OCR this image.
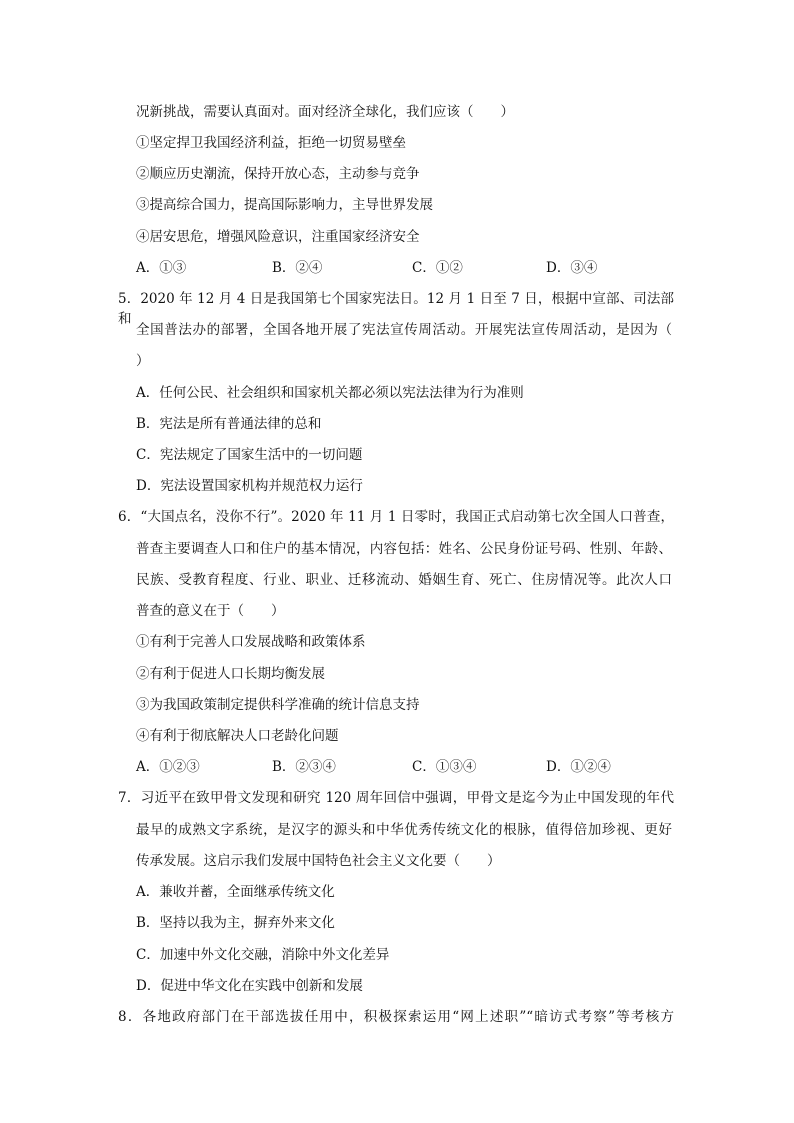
况新挑战，需要认真面对。面对经济全球化，我们应该（　　）
①坚定捍卫我国经济利益，拒绝一切贸易壁垒
②顺应历史潮流，保持开放心态，主动参与竞争
③提高综合国力，提高国际影响力，主导世界发展
④居安思危，增强风险意识，注重国家经济安全
A．①③	B．②④	C．①②	D．③④
5．2020 年 12 月 4 日是我国第七个国家宪法日。12 月 1 日至 7 日，根据中宣部、司法部和
全国普法办的部署，全国各地开展了宪法宣传周活动。开展宪法宣传周活动，是因为（
）
A．任何公民、社会组织和国家机关都必须以宪法法律为行为准则
B．宪法是所有普通法律的总和
C．宪法规定了国家生活中的一切问题
D．宪法设置国家机构并规范权力运行
6．“大国点名，没你不行”。2020 年 11 月 1 日零时，我国正式启动第七次全国人口普查，
普查主要调查人口和住户的基本情况，内容包括：姓名、公民身份证号码、性别、年龄、
民族、受教育程度、行业、职业、迁移流动、婚姻生育、死亡、住房情况等。此次人口
普查的意义在于（　　）
①有利于完善人口发展战略和政策体系
②有利于促进人口长期均衡发展
③为我国政策制定提供科学准确的统计信息支持
④有利于彻底解决人口老龄化问题
A．①②③	B．②③④	C．①③④	D．①②④
7．习近平在致甲骨文发现和研究 120 周年回信中强调，甲骨文是迄今为止中国发现的年代
最早的成熟文字系统，是汉字的源头和中华优秀传统文化的根脉，值得倍加珍视、更好
传承发展。这启示我们发展中国特色社会主义文化要（　　）
A．兼收并蓄，全面继承传统文化
B．坚持以我为主，摒弃外来文化
C．加速中外文化交融，消除中外文化差异
D．促进中华文化在实践中创新和发展
8．各地政府部门在干部选拔任用中，积极探索运用“网上述职”“暗访式考察”等考核方
